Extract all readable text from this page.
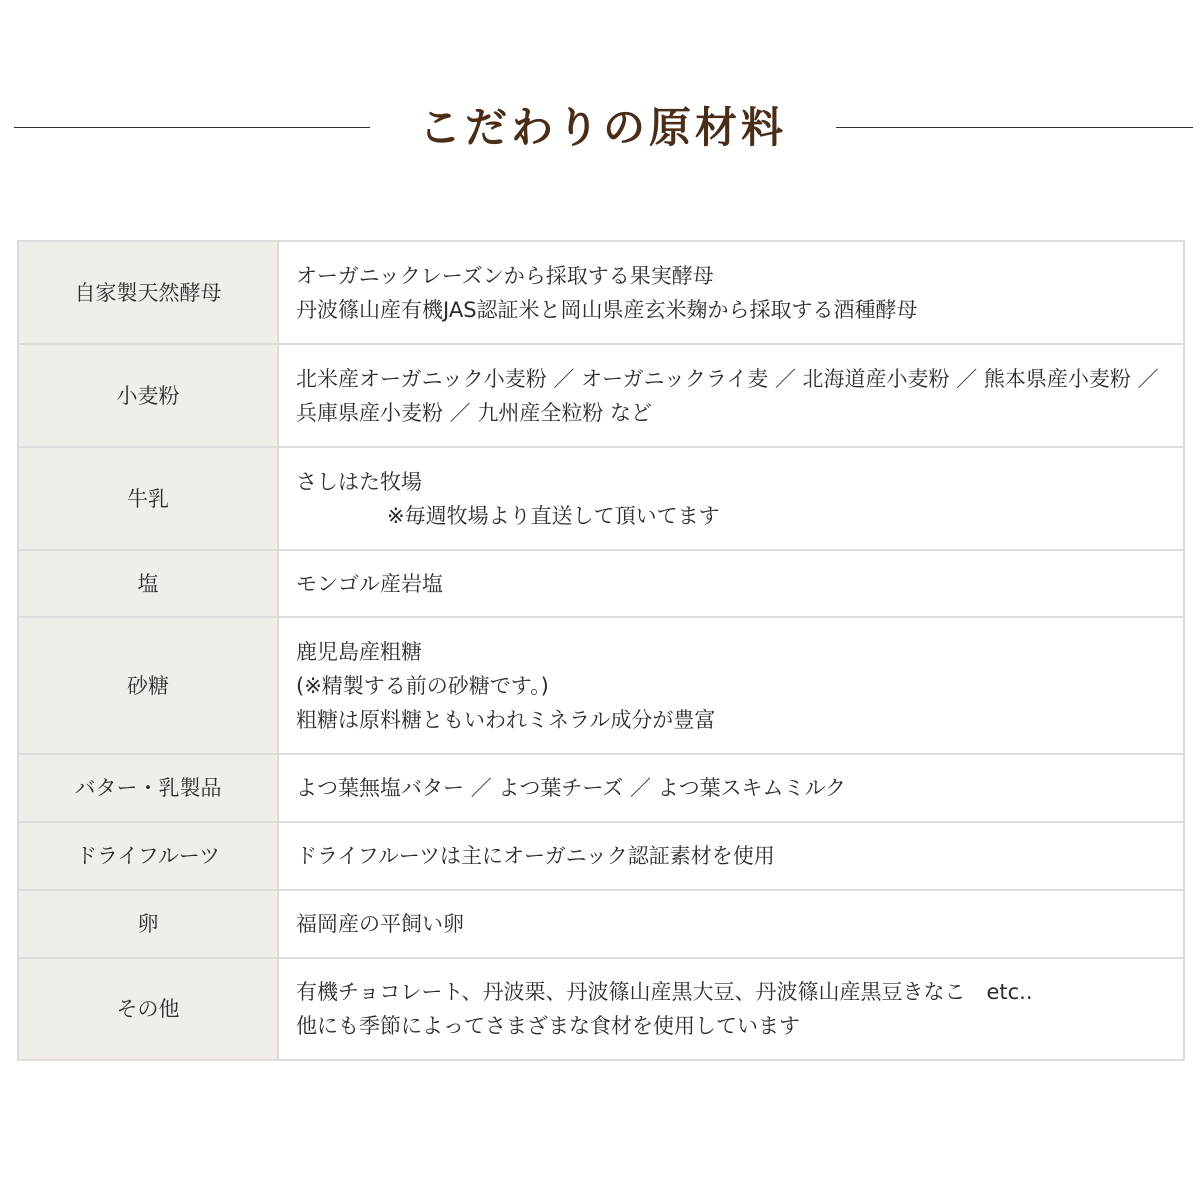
こだわりの原材料
自家製天然酵母	オーガニックレーズンから採取する果実酵母
丹波篠山産有機JAS認証米と岡山県産玄米麹から採取する酒種酵母

小麦粉	北米産オーガニック小麦粉 ／ オーガニックライ麦 ／ 北海道産小麦粉 ／ 熊本県産小麦粉 ／ 兵庫県産小麦粉 ／ 九州産全粒粉 など

牛乳	さしはた牧場
※毎週牧場より直送して頂いてます

塩	モンゴル産岩塩

砂糖	鹿児島産粗糖
(※精製する前の砂糖です。)
粗糖は原料糖ともいわれミネラル成分が豊富

バター・乳製品	よつ葉無塩バター ／ よつ葉チーズ ／ よつ葉スキムミルク

ドライフルーツ	ドライフルーツは主にオーガニック認証素材を使用

卵	福岡産の平飼い卵

その他	有機チョコレート、丹波栗、丹波篠山産黒大豆、丹波篠山産黒豆きなこ　etc..
他にも季節によってさまざまな食材を使用しています
